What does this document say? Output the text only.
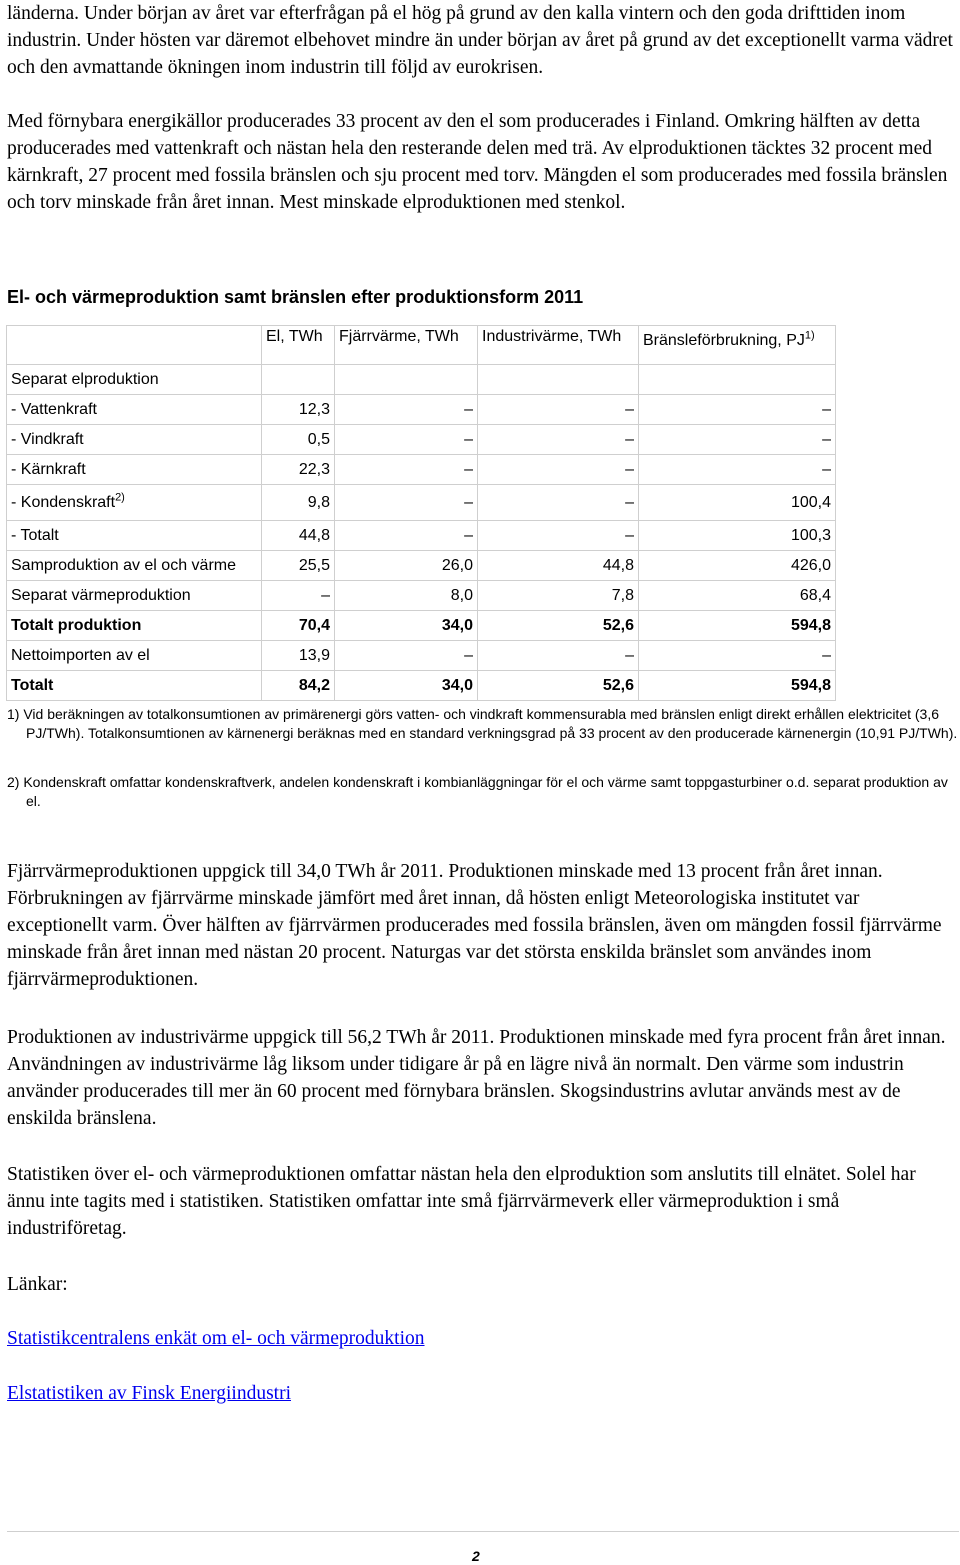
länderna. Under början av året var efterfrågan på el hög på grund av den kalla vintern och den goda drifttiden inom industrin. Under hösten var däremot elbehovet mindre än under början av året på grund av det exceptionellt varma vädret och den avmattande ökningen inom industrin till följd av eurokrisen.

Med förnybara energikällor producerades 33 procent av den el som producerades i Finland. Omkring hälften av detta producerades med vattenkraft och nästan hela den resterande delen med trä. Av elproduktionen täcktes 32 procent med kärnkraft, 27 procent med fossila bränslen och sju procent med torv. Mängden el som producerades med fossila bränslen och torv minskade från året innan. Mest minskade elproduktionen med stenkol.

El- och värmeproduktion samt bränslen efter produktionsform 2011

	El, TWh	Fjärrvärme, TWh	Industrivärme, TWh	Bränsleförbrukning, PJ$^{1)}$
Separat elproduktion				
- Vattenkraft	12,3	–	–	–
- Vindkraft	0,5	–	–	–
- Kärnkraft	22,3	–	–	–
- Kondenskraft$^{2)}$	9,8	–	–	100,4
- Totalt	44,8	–	–	100,3
Samproduktion av el och värme	25,5	26,0	44,8	426,0
Separat värmeproduktion	–	8,0	7,8	68,4
Totalt produktion	70,4	34,0	52,6	594,8
Nettoimporten av el	13,9	–	–	–
Totalt	84,2	34,0	52,6	594,8
1) Vid beräkningen av totalkonsumtionen av primärenergi görs vatten- och vindkraft kommensurabla med bränslen enligt direkt erhållen elektricitet (3,6 PJ/TWh). Totalkonsumtionen av kärnenergi beräknas med en standard verkningsgrad på 33 procent av den producerade kärnenergin (10,91 PJ/TWh).
2) Kondenskraft omfattar kondenskraftverk, andelen kondenskraft i kombianläggningar för el och värme samt toppgasturbiner o.d. separat produktion av el.

Fjärrvärmeproduktionen uppgick till 34,0 TWh år 2011. Produktionen minskade med 13 procent från året innan. Förbrukningen av fjärrvärme minskade jämfört med året innan, då hösten enligt Meteorologiska institutet var exceptionellt varm. Över hälften av fjärrvärmen producerades med fossila bränslen, även om mängden fossil fjärrvärme minskade från året innan med nästan 20 procent. Naturgas var det största enskilda bränslet som användes inom fjärrvärmeproduktionen.

Produktionen av industrivärme uppgick till 56,2 TWh år 2011. Produktionen minskade med fyra procent från året innan. Användningen av industrivärme låg liksom under tidigare år på en lägre nivå än normalt. Den värme som industrin använder producerades till mer än 60 procent med förnybara bränslen. Skogsindustrins avlutar används mest av de enskilda bränslena.

Statistiken över el- och värmeproduktionen omfattar nästan hela den elproduktion som anslutits till elnätet. Solel har ännu inte tagits med i statistiken. Statistiken omfattar inte små fjärrvärmeverk eller värmeproduktion i små industriföretag.

Länkar:

Statistikcentralens enkät om el- och värmeproduktion

Elstatistiken av Finsk Energiindustri

2
